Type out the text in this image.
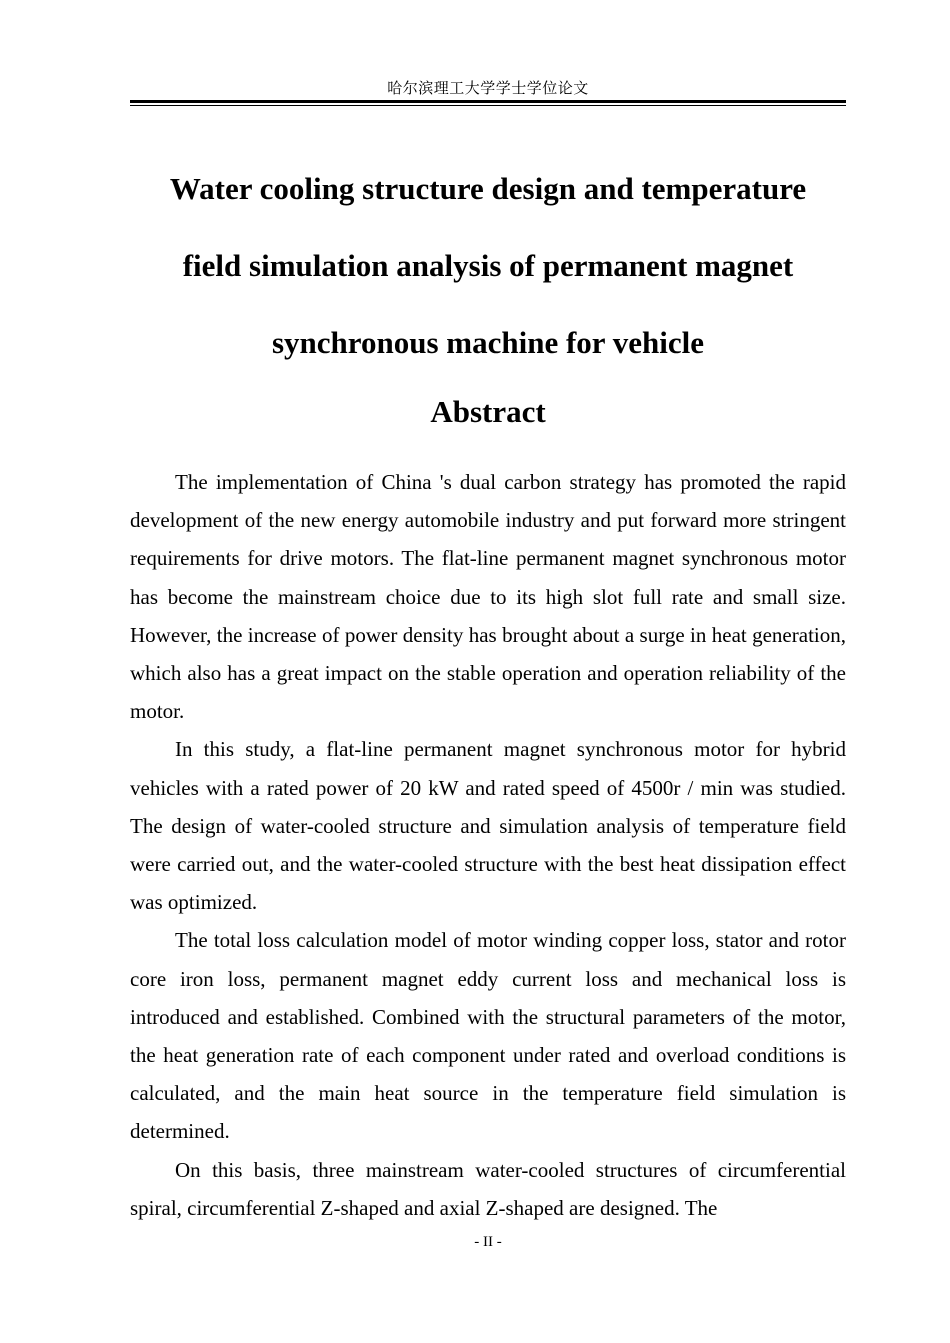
哈尔滨理工大学学士学位论文
Water cooling structure design and temperature
field simulation analysis of permanent magnet
synchronous machine for vehicle
Abstract

The implementation of China 's dual carbon strategy has promoted the rapid development of the new energy automobile industry and put forward more stringent requirements for drive motors. The flat-line permanent magnet synchronous motor has become the mainstream choice due to its high slot full rate and small size. However, the increase of power density has brought about a surge in heat generation, which also has a great impact on the stable operation and operation reliability of the motor.

In this study, a flat-line permanent magnet synchronous motor for hybrid vehicles with a rated power of 20 kW and rated speed of 4500r / min was studied. The design of water-cooled structure and simulation analysis of temperature field were carried out, and the water-cooled structure with the best heat dissipation effect was optimized.

The total loss calculation model of motor winding copper loss, stator and rotor core iron loss, permanent magnet eddy current loss and mechanical loss is introduced and established. Combined with the structural parameters of the motor, the heat generation rate of each component under rated and overload conditions is calculated, and the main heat source in the temperature field simulation is determined.

On this basis, three mainstream water-cooled structures of circumferential spiral, circumferential Z-shaped and axial Z-shaped are designed. The

- II -
